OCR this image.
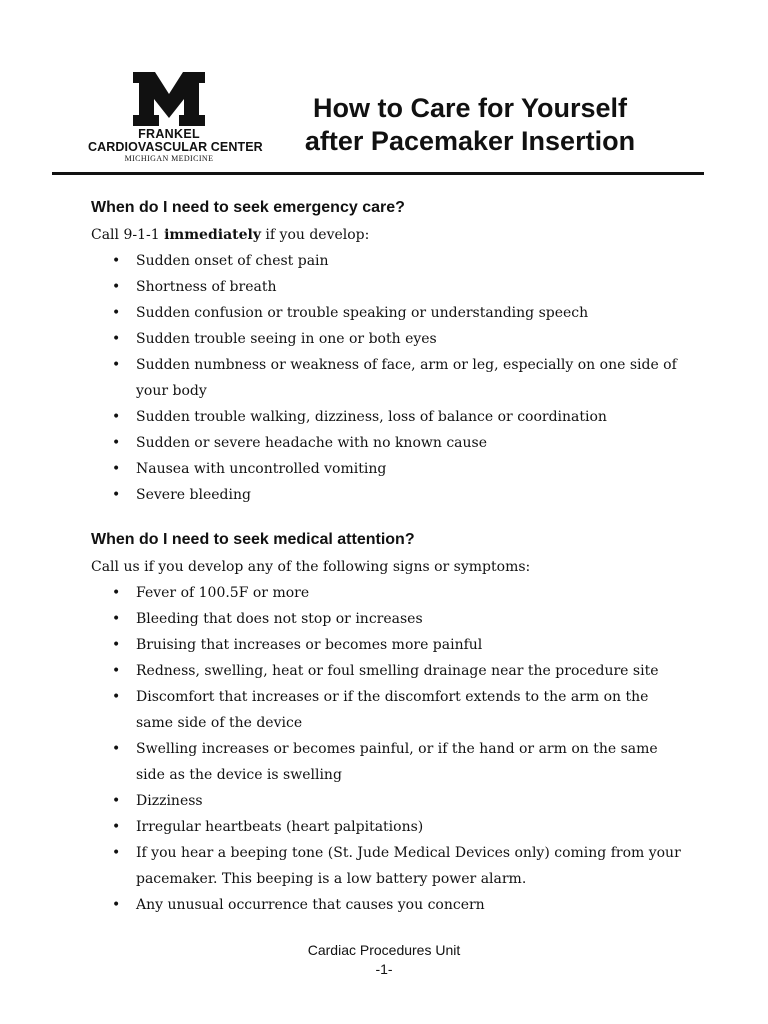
FRANKEL
CARDIOVASCULAR CENTER
MICHIGAN MEDICINE
How to Care for Yourself
after Pacemaker Insertion
When do I need to seek emergency care?
Call 9-1-1 immediately if you develop:
• Sudden onset of chest pain
• Shortness of breath
• Sudden confusion or trouble speaking or understanding speech
• Sudden trouble seeing in one or both eyes
• Sudden numbness or weakness of face, arm or leg, especially on one side of your body
• Sudden trouble walking, dizziness, loss of balance or coordination
• Sudden or severe headache with no known cause
• Nausea with uncontrolled vomiting
• Severe bleeding
When do I need to seek medical attention?
Call us if you develop any of the following signs or symptoms:
• Fever of 100.5F or more
• Bleeding that does not stop or increases
• Bruising that increases or becomes more painful
• Redness, swelling, heat or foul smelling drainage near the procedure site
• Discomfort that increases or if the discomfort extends to the arm on the same side of the device
• Swelling increases or becomes painful, or if the hand or arm on the same side as the device is swelling
• Dizziness
• Irregular heartbeats (heart palpitations)
• If you hear a beeping tone (St. Jude Medical Devices only) coming from your pacemaker. This beeping is a low battery power alarm.
• Any unusual occurrence that causes you concern
Cardiac Procedures Unit
-1-
